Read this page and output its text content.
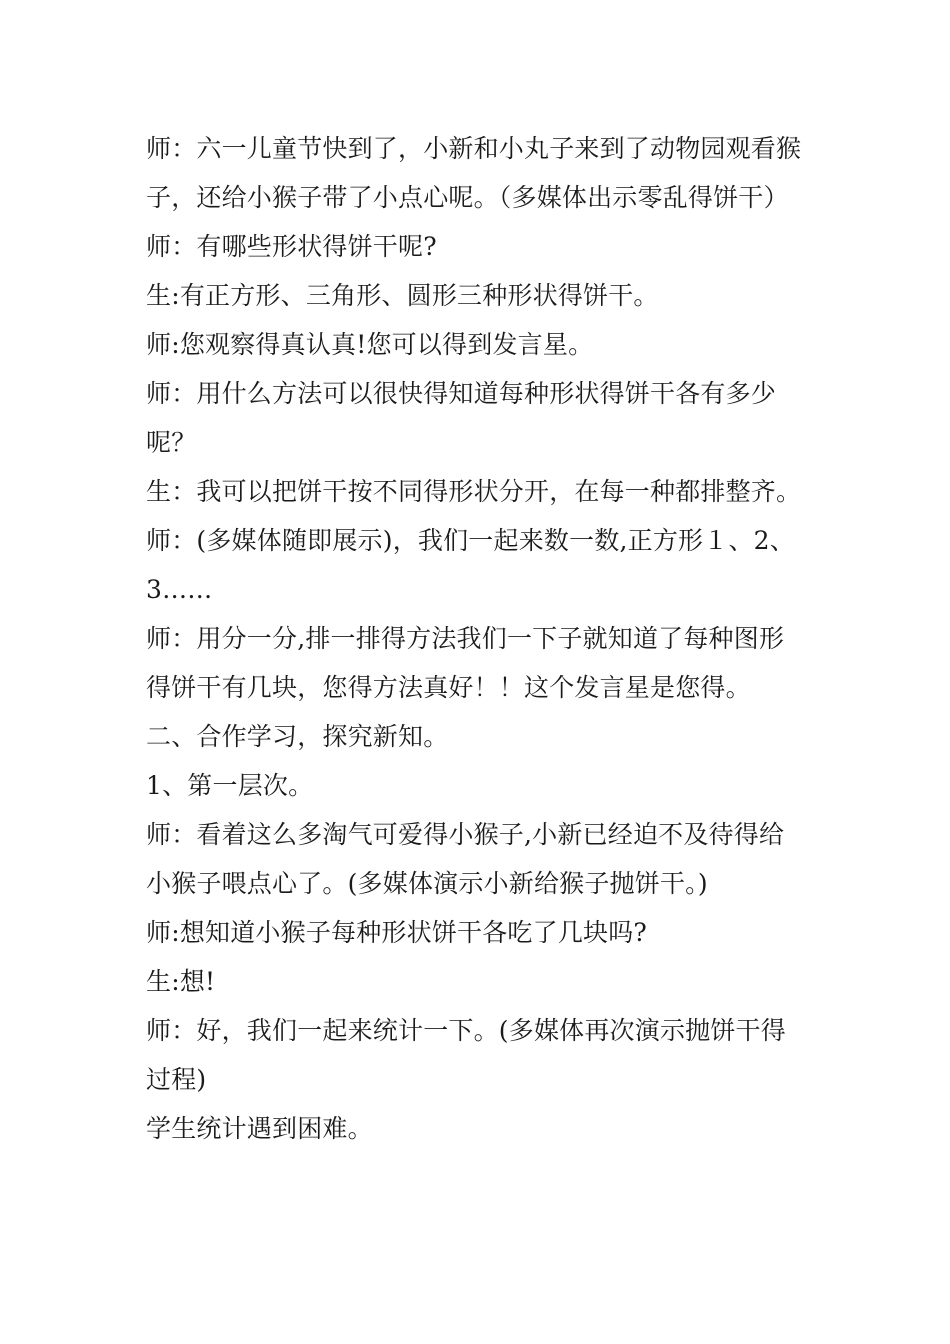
师：六一儿童节快到了，小新和小丸子来到了动物园观看猴子，还给小猴子带了小点心呢。（多媒体出示零乱得饼干）

师：有哪些形状得饼干呢?

生:有正方形、三角形、圆形三种形状得饼干。

师:您观察得真认真!您可以得到发言星。

师：用什么方法可以很快得知道每种形状得饼干各有多少呢？

生：我可以把饼干按不同得形状分开，在每一种都排整齐。

师：(多媒体随即展示)，我们一起来数一数,正方形１、2、3……

师：用分一分,排一排得方法我们一下子就知道了每种图形得饼干有几块，您得方法真好！！这个发言星是您得。

二、合作学习，探究新知。

1、第一层次。

师：看着这么多淘气可爱得小猴子,小新已经迫不及待得给小猴子喂点心了。(多媒体演示小新给猴子抛饼干。)

师:想知道小猴子每种形状饼干各吃了几块吗?

生:想!

师：好，我们一起来统计一下。(多媒体再次演示抛饼干得过程)

学生统计遇到困难。
